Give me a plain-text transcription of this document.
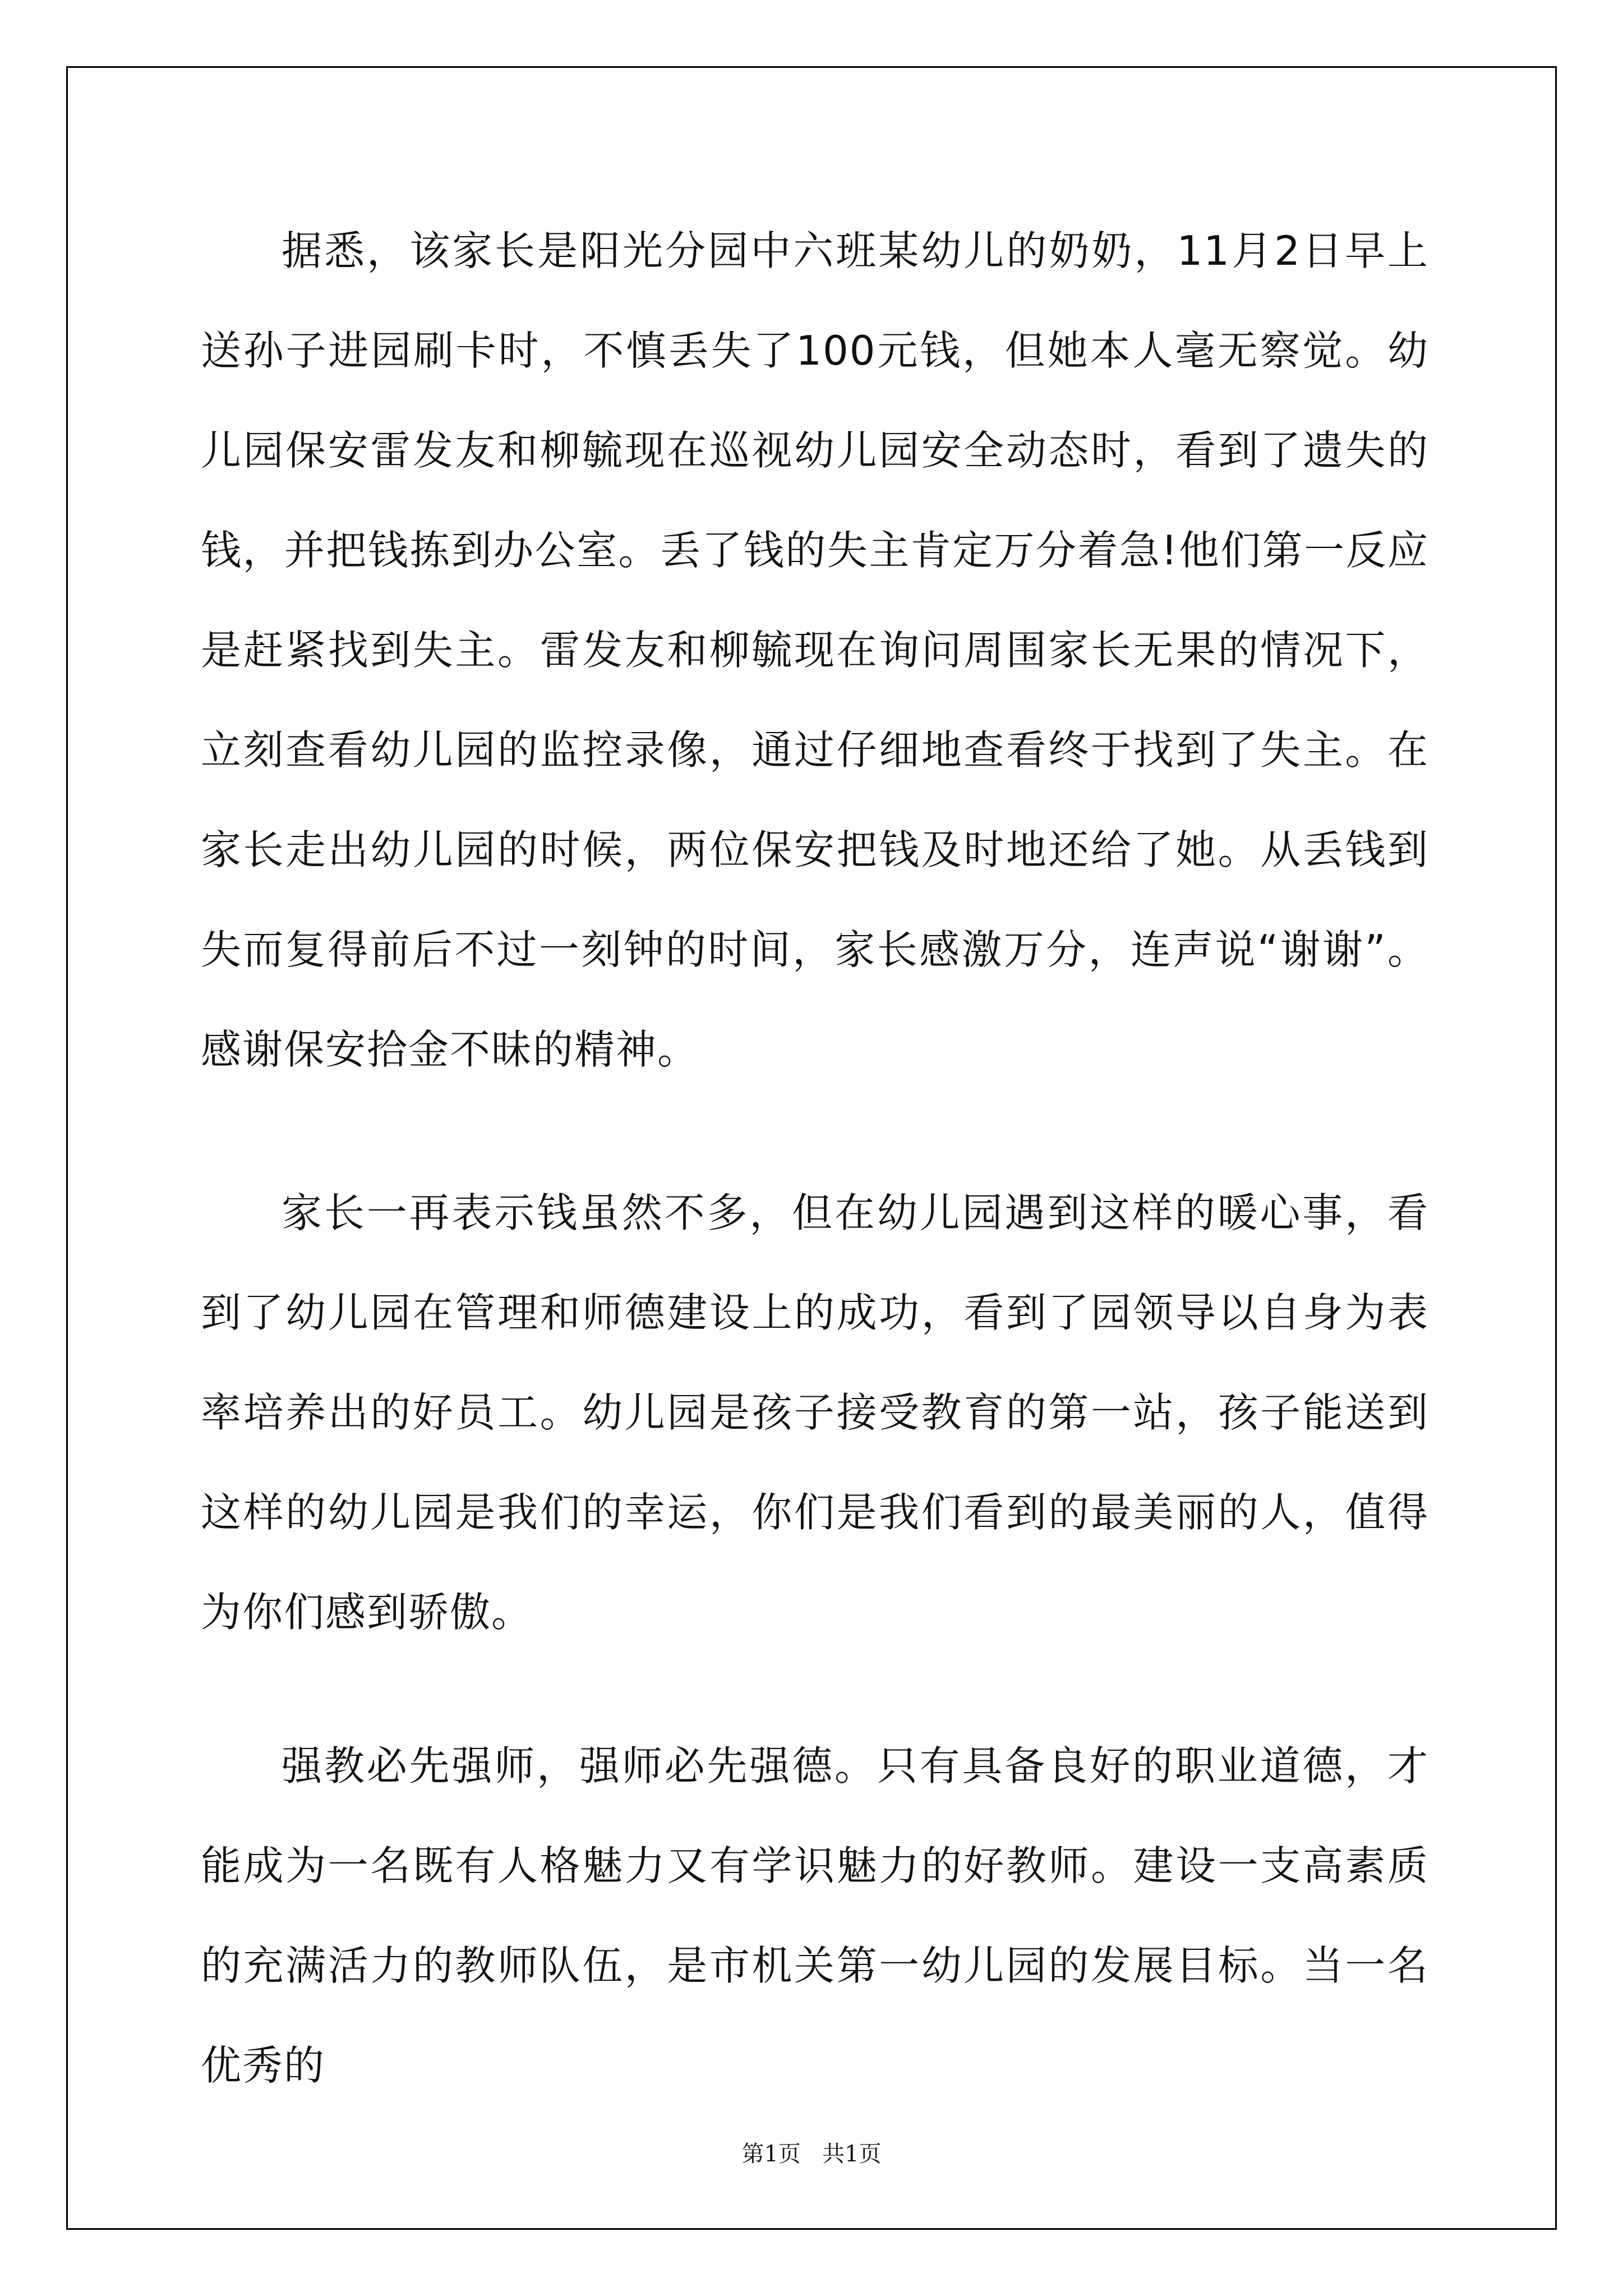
据悉，该家长是阳光分园中六班某幼儿的奶奶，11月2日早上送孙子进园刷卡时，不慎丢失了100元钱，但她本人毫无察觉。幼儿园保安雷发友和柳毓现在巡视幼儿园安全动态时，看到了遗失的钱，并把钱拣到办公室。丢了钱的失主肯定万分着急!他们第一反应是赶紧找到失主。雷发友和柳毓现在询问周围家长无果的情况下，立刻查看幼儿园的监控录像，通过仔细地查看终于找到了失主。在家长走出幼儿园的时候，两位保安把钱及时地还给了她。从丢钱到失而复得前后不过一刻钟的时间，家长感激万分，连声说“谢谢”。 感谢保安拾金不昧的精神。

家长一再表示钱虽然不多，但在幼儿园遇到这样的暖心事，看到了幼儿园在管理和师德建设上的成功，看到了园领导以自身为表率培养出的好员工。幼儿园是孩子接受教育的第一站，孩子能送到这样的幼儿园是我们的幸运，你们是我们看到的最美丽的人，值得为你们感到骄傲。

强教必先强师，强师必先强德。只有具备良好的职业道德，才能成为一名既有人格魅力又有学识魅力的好教师。建设一支高素质的充满活力的教师队伍，是市机关第一幼儿园的发展目标。当一名优秀的

第1页   共1页
